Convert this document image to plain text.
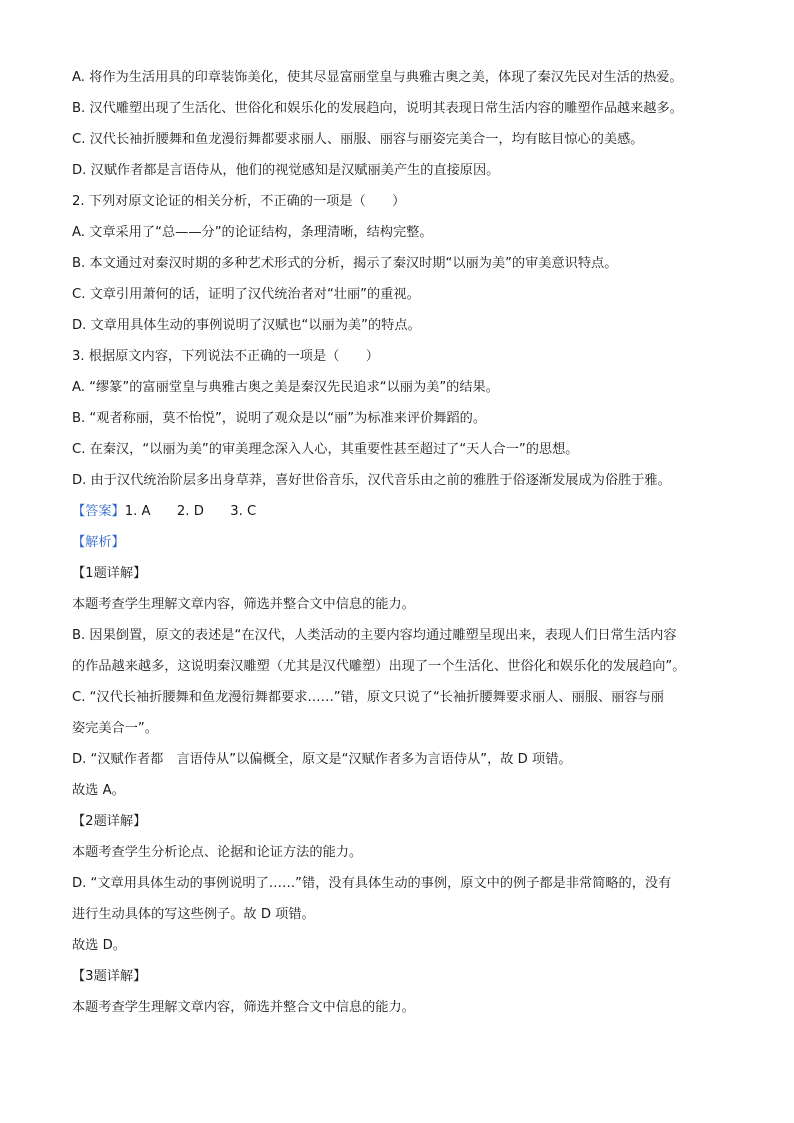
A. 将作为生活用具的印章装饰美化，使其尽显富丽堂皇与典雅古奥之美，体现了秦汉先民对生活的热爱。
B. 汉代雕塑出现了生活化、世俗化和娱乐化的发展趋向，说明其表现日常生活内容的雕塑作品越来越多。
C. 汉代长袖折腰舞和鱼龙漫衍舞都要求丽人、丽服、丽容与丽姿完美合一，均有眩目惊心的美感。
D. 汉赋作者都是言语侍从，他们的视觉感知是汉赋丽美产生的直接原因。
2. 下列对原文论证的相关分析，不正确的一项是（　　）
A. 文章采用了“总——分”的论证结构，条理清晰，结构完整。
B. 本文通过对秦汉时期的多种艺术形式的分析，揭示了秦汉时期“以丽为美”的审美意识特点。
C. 文章引用萧何的话，证明了汉代统治者对“壮丽”的重视。
D. 文章用具体生动的事例说明了汉赋也“以丽为美”的特点。
3. 根据原文内容，下列说法不正确的一项是（　　）
A. “缪篆”的富丽堂皇与典雅古奥之美是秦汉先民追求“以丽为美”的结果。
B. “观者称丽，莫不怡悦”，说明了观众是以“丽”为标准来评价舞蹈的。
C. 在秦汉，“以丽为美”的审美理念深入人心，其重要性甚至超过了“天人合一”的思想。
D. 由于汉代统治阶层多出身草莽，喜好世俗音乐，汉代音乐由之前的雅胜于俗逐渐发展成为俗胜于雅。
【答案】1. A　　2. D　　3. C
【解析】
【1题详解】
本题考查学生理解文章内容，筛选并整合文中信息的能力。
B. 因果倒置，原文的表述是“在汉代，人类活动的主要内容均通过雕塑呈现出来，表现人们日常生活内容
的作品越来越多，这说明秦汉雕塑（尤其是汉代雕塑）出现了一个生活化、世俗化和娱乐化的发展趋向”。
C. “汉代长袖折腰舞和鱼龙漫衍舞都要求……”错，原文只说了“长袖折腰舞要求丽人、丽服、丽容与丽
姿完美合一”。
D. “汉赋作者都　言语侍从”以偏概全，原文是“汉赋作者多为言语侍从”，故 D 项错。
故选 A。
【2题详解】
本题考查学生分析论点、论据和论证方法的能力。
D. “文章用具体生动的事例说明了……”错，没有具体生动的事例，原文中的例子都是非常简略的，没有
进行生动具体的写这些例子。故 D 项错。
故选 D。
【3题详解】
本题考查学生理解文章内容，筛选并整合文中信息的能力。
